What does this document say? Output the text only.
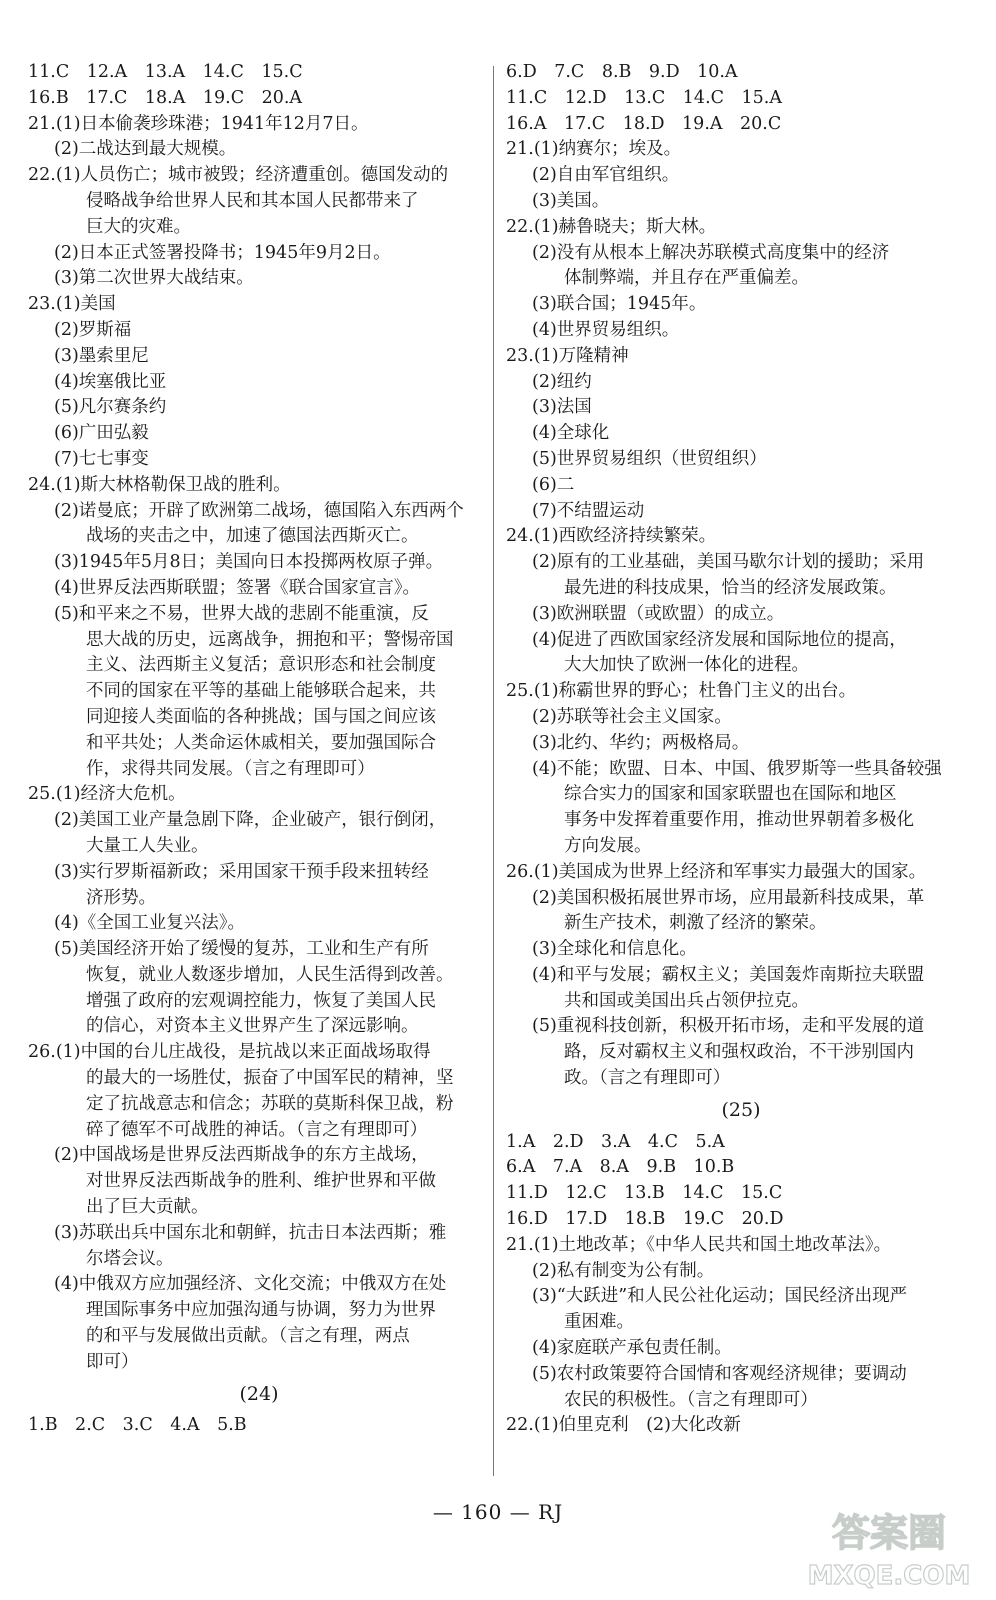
11.C　12.A　13.A　14.C　15.C
16.B　17.C　18.A　19.C　20.A
21.(1)日本偷袭珍珠港；1941年12月7日。
(2)二战达到最大规模。
22.(1)人员伤亡；城市被毁；经济遭重创。德国发动的
侵略战争给世界人民和其本国人民都带来了
巨大的灾难。
(2)日本正式签署投降书；1945年9月2日。
(3)第二次世界大战结束。
23.(1)美国
(2)罗斯福
(3)墨索里尼
(4)埃塞俄比亚
(5)凡尔赛条约
(6)广田弘毅
(7)七七事变
24.(1)斯大林格勒保卫战的胜利。
(2)诺曼底；开辟了欧洲第二战场，德国陷入东西两个
战场的夹击之中，加速了德国法西斯灭亡。
(3)1945年5月8日；美国向日本投掷两枚原子弹。
(4)世界反法西斯联盟；签署《联合国家宣言》。
(5)和平来之不易，世界大战的悲剧不能重演，反
思大战的历史，远离战争，拥抱和平；警惕帝国
主义、法西斯主义复活；意识形态和社会制度
不同的国家在平等的基础上能够联合起来，共
同迎接人类面临的各种挑战；国与国之间应该
和平共处；人类命运休戚相关，要加强国际合
作，求得共同发展。（言之有理即可）
25.(1)经济大危机。
(2)美国工业产量急剧下降，企业破产，银行倒闭，
大量工人失业。
(3)实行罗斯福新政；采用国家干预手段来扭转经
济形势。
(4)《全国工业复兴法》。
(5)美国经济开始了缓慢的复苏，工业和生产有所
恢复，就业人数逐步增加，人民生活得到改善。
增强了政府的宏观调控能力，恢复了美国人民
的信心，对资本主义世界产生了深远影响。
26.(1)中国的台儿庄战役，是抗战以来正面战场取得
的最大的一场胜仗，振奋了中国军民的精神，坚
定了抗战意志和信念；苏联的莫斯科保卫战，粉
碎了德军不可战胜的神话。（言之有理即可）
(2)中国战场是世界反法西斯战争的东方主战场，
对世界反法西斯战争的胜利、维护世界和平做
出了巨大贡献。
(3)苏联出兵中国东北和朝鲜，抗击日本法西斯；雅
尔塔会议。
(4)中俄双方应加强经济、文化交流；中俄双方在处
理国际事务中应加强沟通与协调，努力为世界
的和平与发展做出贡献。（言之有理，两点
即可）
(24)
1.B　2.C　3.C　4.A　5.B
6.D　7.C　8.B　9.D　10.A
11.C　12.D　13.C　14.C　15.A
16.A　17.C　18.D　19.A　20.C
21.(1)纳赛尔；埃及。
(2)自由军官组织。
(3)美国。
22.(1)赫鲁晓夫；斯大林。
(2)没有从根本上解决苏联模式高度集中的经济
体制弊端，并且存在严重偏差。
(3)联合国；1945年。
(4)世界贸易组织。
23.(1)万隆精神
(2)纽约
(3)法国
(4)全球化
(5)世界贸易组织（世贸组织）
(6)二
(7)不结盟运动
24.(1)西欧经济持续繁荣。
(2)原有的工业基础，美国马歇尔计划的援助；采用
最先进的科技成果，恰当的经济发展政策。
(3)欧洲联盟（或欧盟）的成立。
(4)促进了西欧国家经济发展和国际地位的提高，
大大加快了欧洲一体化的进程。
25.(1)称霸世界的野心；杜鲁门主义的出台。
(2)苏联等社会主义国家。
(3)北约、华约；两极格局。
(4)不能；欧盟、日本、中国、俄罗斯等一些具备较强
综合实力的国家和国家联盟也在国际和地区
事务中发挥着重要作用，推动世界朝着多极化
方向发展。
26.(1)美国成为世界上经济和军事实力最强大的国家。
(2)美国积极拓展世界市场，应用最新科技成果，革
新生产技术，刺激了经济的繁荣。
(3)全球化和信息化。
(4)和平与发展；霸权主义；美国轰炸南斯拉夫联盟
共和国或美国出兵占领伊拉克。
(5)重视科技创新，积极开拓市场，走和平发展的道
路，反对霸权主义和强权政治，不干涉别国内
政。（言之有理即可）
(25)
1.A　2.D　3.A　4.C　5.A
6.A　7.A　8.A　9.B　10.B
11.D　12.C　13.B　14.C　15.C
16.D　17.D　18.B　19.C　20.D
21.(1)土地改革；《中华人民共和国土地改革法》。
(2)私有制变为公有制。
(3)“大跃进”和人民公社化运动；国民经济出现严
重困难。
(4)家庭联产承包责任制。
(5)农村政策要符合国情和客观经济规律；要调动
农民的积极性。（言之有理即可）
22.(1)伯里克利　(2)大化改新
— 160 — RJ	答案圈
MXQE.COM
